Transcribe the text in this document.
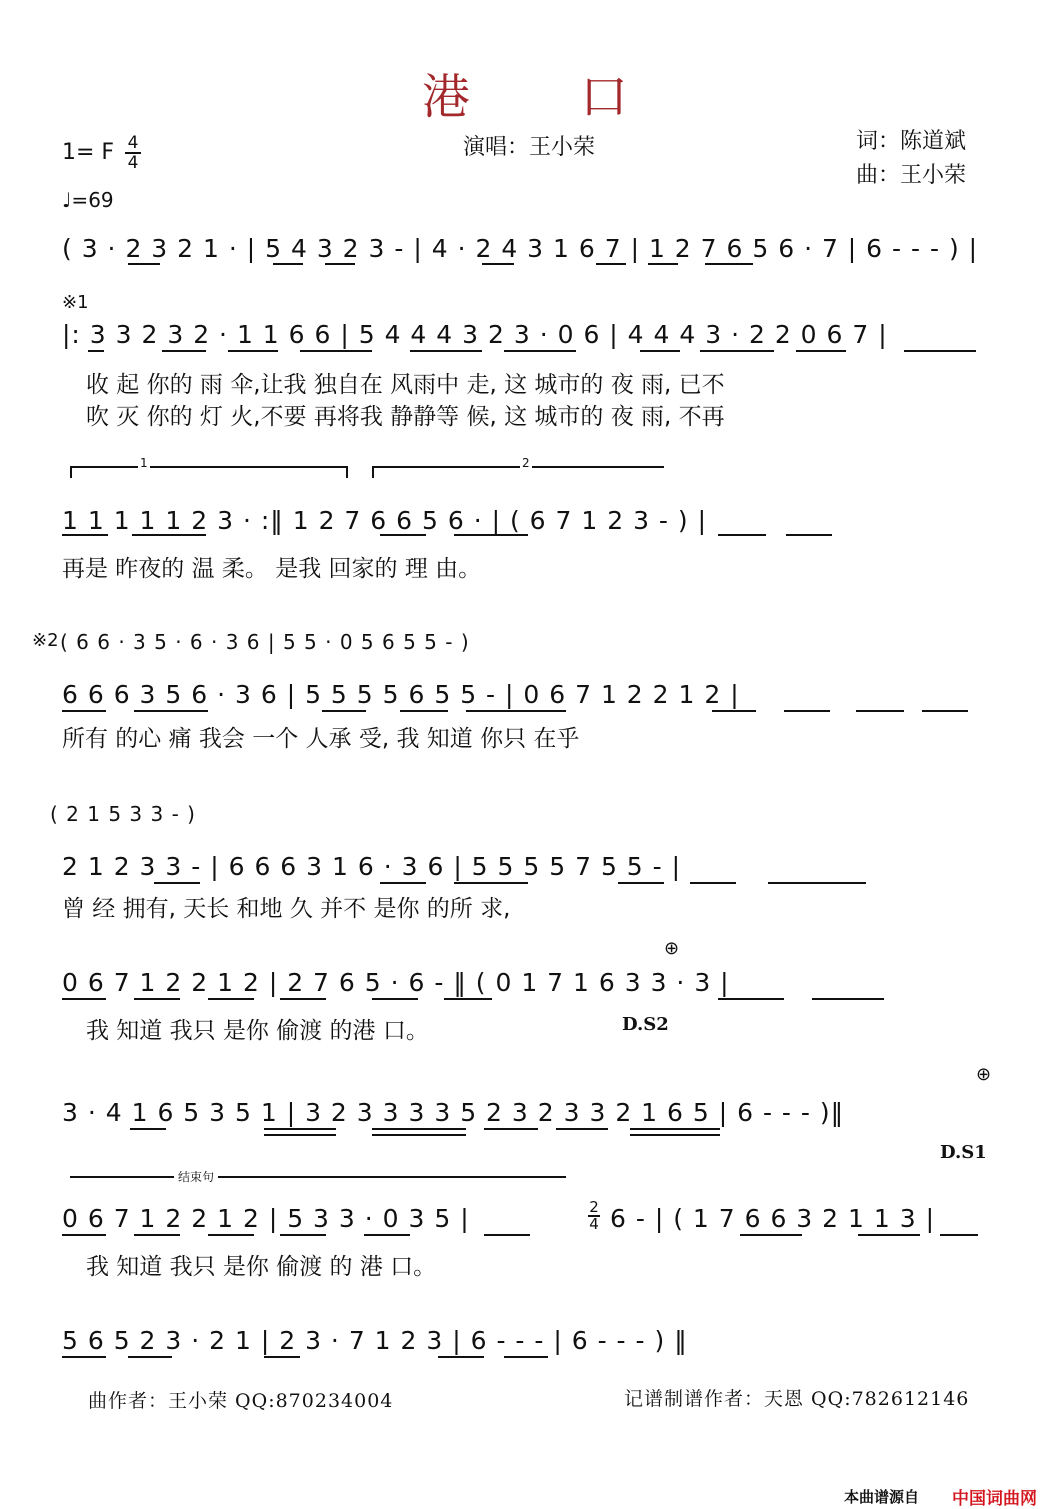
港口
1= F $\frac{4}{4}$
♩=69
演唱：王小荣	词：陈道斌
曲：王小荣
( 3 · 2 3 2 1 · | 5 4 3 2 3 - | 4 · 2 4 3 1 6 7 | 1 2 7 6 5 6 · 7 | 6 - - - ) |
※1
|: 3 3 2 3 2 · 1 1 6 6 | 5 4 4 4 3 2 3 · 0 6 | 4 4 4 3 · 2 2 0 6 7 |
收 起 你的 雨 伞,让我 独自在 风雨中 走, 这 城市的 夜 雨, 已不
吹 灭 你的 灯 火,不要 再将我 静静等 候, 这 城市的 夜 雨, 不再
1	2
1 1 1 1 1 2 3 · :‖ 1 2 7 6 6 5 6 · | ( 6 7 1 2 3 - ) |
再是 昨夜的 温 柔。 是我 回家的 理 由。
※2 ( 6 6 · 3 5 · 6 · 3 6 | 5 5 · 0 5 6 5 5 - )
6 6 6 3 5 6 · 3 6 | 5 5 5 5 6 5 5 - | 0 6 7 1 2 2 1 2 |
所有 的心 痛 我会 一个 人承 受, 我 知道 你只 在乎
( 2 1 5 3 3 - )
2 1 2 3 3 - | 6 6 6 3 1 6 · 3 6 | 5 5 5 5 7 5 5 - |
曾 经 拥有, 天长 和地 久 并不 是你 的所 求,
⊕
0 6 7 1 2 2 1 2 | 2 7 6 5 · 6 - ‖ ( 0 1 7 1 6 3 3 · 3 |
我 知道 我只 是你 偷渡 的港 口。	D.S2
⊕
3 · 4 1 6 5 3 5 1 | 3 2 3 3 3 3 5 2 3 2 3 3 2 1 6 5 | 6 - - - )‖
D.S1
结束句
0 6 7 1 2 2 1 2 | 5 3 3 · 0 3 5 |	2
4 6 - | ( 1 7 6 6 3 2 1 1 3 |
我 知道 我只 是你 偷渡 的 港 口。
5 6 5 2 3 · 2 1 | 2 3 · 7 1 2 3 | 6 - - - | 6 - - - ) ‖
曲作者：王小荣 QQ:870234004	记谱制谱作者：天恩 QQ:782612146
本曲谱源自 中国词曲网
